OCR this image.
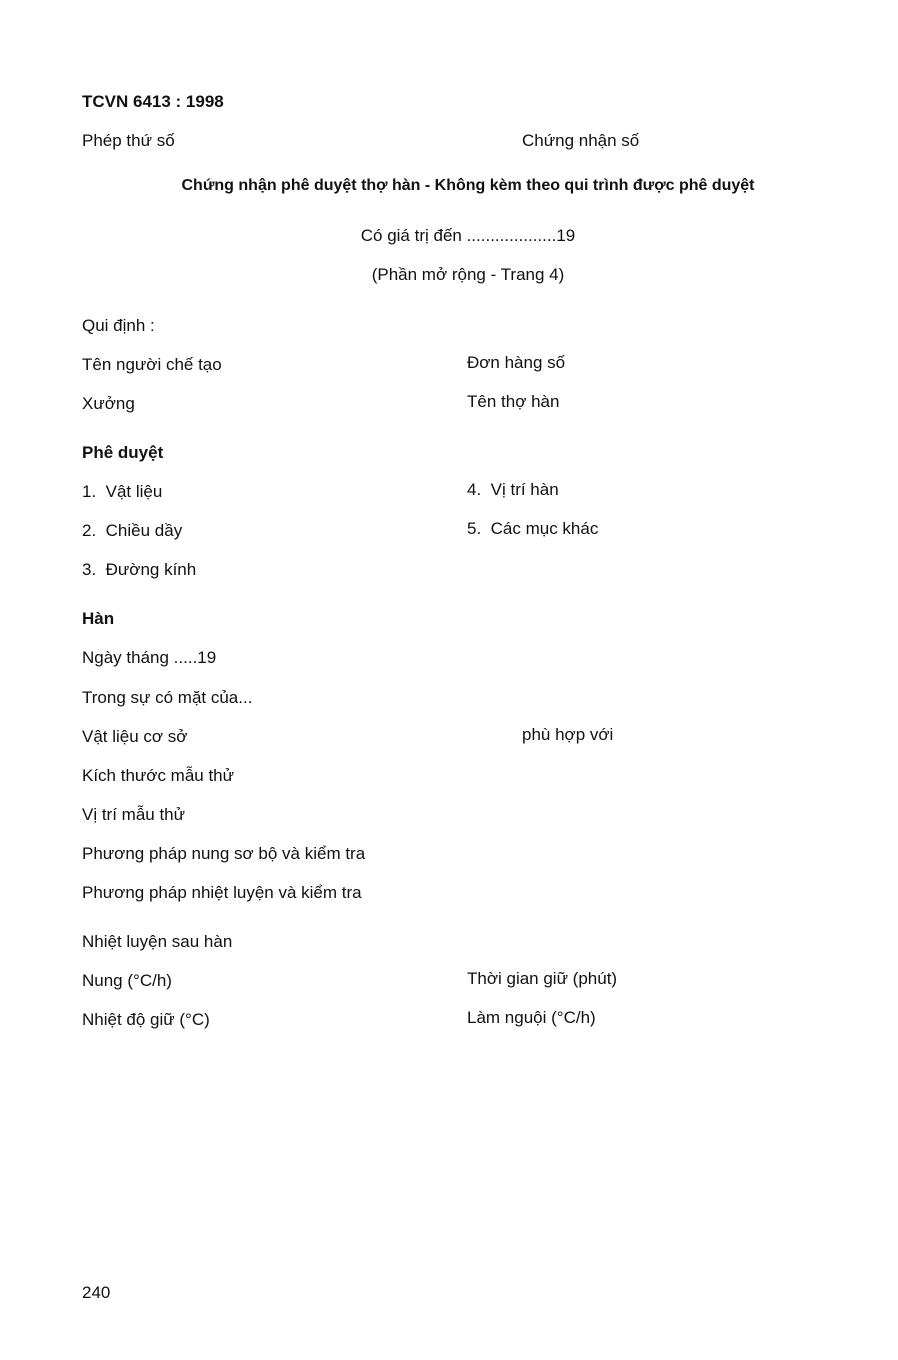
TCVN 6413 : 1998
Phép thứ số	Chứng nhận số
Chứng nhận phê duyệt thợ hàn - Không kèm theo qui trình được phê duyệt
Có giá trị đến ...................19
(Phần mở rộng - Trang 4)
Qui định :
Tên người chế tạo	Đơn hàng số
Xưởng	Tên thợ hàn
Phê duyệt
1. Vật liệu
2. Chiều dầy
3. Đường kính
4. Vị trí hàn
5. Các mục khác
Hàn
Ngày tháng .....19
Trong sự có mặt của...
Vật liệu cơ sở	phù hợp với
Kích thước mẫu thử
Vị trí mẫu thử
Phương pháp nung sơ bộ và kiểm tra
Phương pháp nhiệt luyện và kiểm tra
Nhiệt luyện sau hàn
Nung (°C/h)	Thời gian giữ (phút)
Nhiệt độ giữ (°C)	Làm nguội (°C/h)
240
